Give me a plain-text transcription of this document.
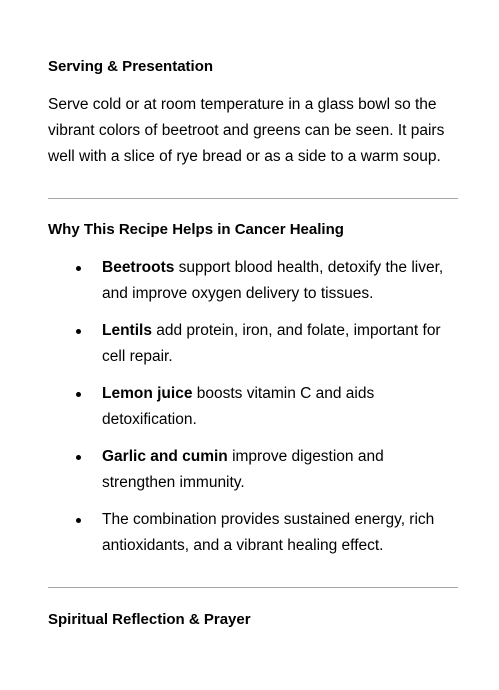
Serving & Presentation

Serve cold or at room temperature in a glass bowl so the vibrant colors of beetroot and greens can be seen. It pairs well with a slice of rye bread or as a side to a warm soup.

Why This Recipe Helps in Cancer Healing
Beetroots support blood health, detoxify the liver, and improve oxygen delivery to tissues.
Lentils add protein, iron, and folate, important for cell repair.
Lemon juice boosts vitamin C and aids detoxification.
Garlic and cumin improve digestion and strengthen immunity.
The combination provides sustained energy, rich antioxidants, and a vibrant healing effect.
Spiritual Reflection & Prayer
